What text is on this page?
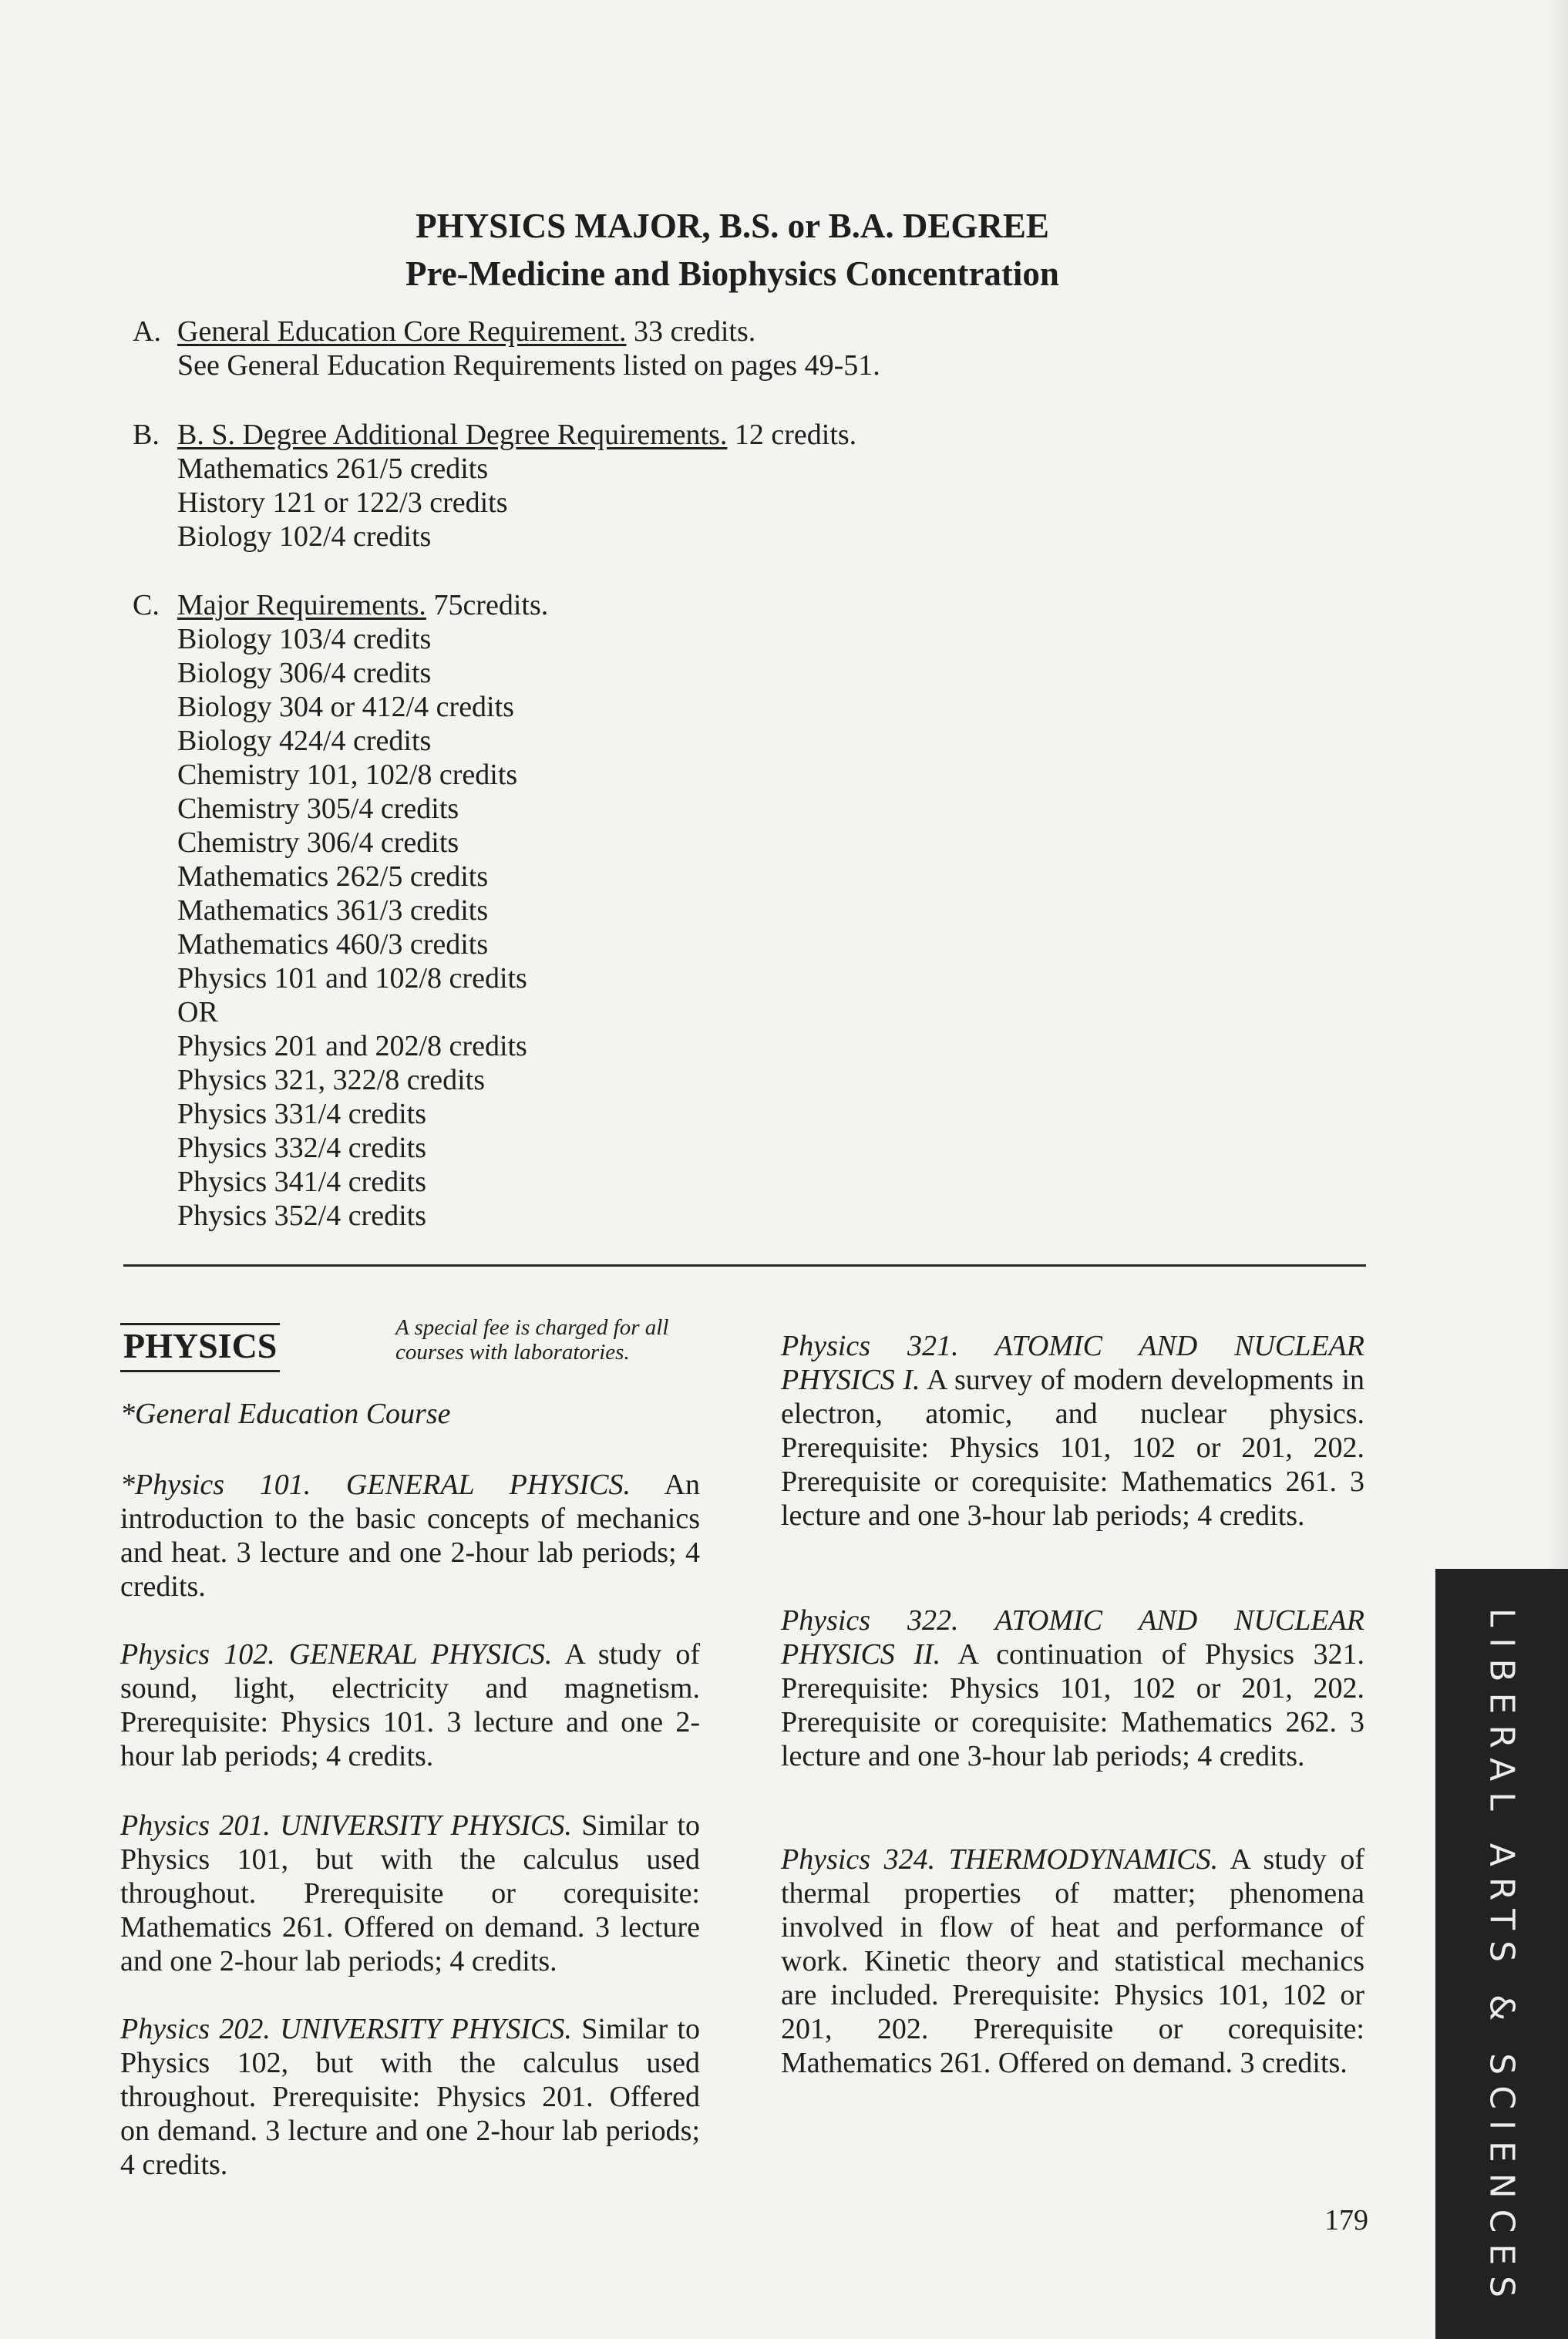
PHYSICS MAJOR, B.S. or B.A. DEGREE
Pre-Medicine and Biophysics Concentration
A. General Education Core Requirement. 33 credits.
See General Education Requirements listed on pages 49-51.
B. B. S. Degree Additional Degree Requirements. 12 credits.
Mathematics 261/5 credits
History 121 or 122/3 credits
Biology 102/4 credits
C. Major Requirements. 75credits.
Biology 103/4 credits
Biology 306/4 credits
Biology 304 or 412/4 credits
Biology 424/4 credits
Chemistry 101, 102/8 credits
Chemistry 305/4 credits
Chemistry 306/4 credits
Mathematics 262/5 credits
Mathematics 361/3 credits
Mathematics 460/3 credits
Physics 101 and 102/8 credits
OR
Physics 201 and 202/8 credits
Physics 321, 322/8 credits
Physics 331/4 credits
Physics 332/4 credits
Physics 341/4 credits
Physics 352/4 credits
PHYSICS	A special fee is charged for all courses with laboratories.
*General Education Course

*Physics 101. GENERAL PHYSICS. An introduction to the basic concepts of mechanics and heat. 3 lecture and one 2-hour lab periods; 4 credits.

Physics 102. GENERAL PHYSICS. A study of sound, light, electricity and magnetism. Prerequisite: Physics 101. 3 lecture and one 2-hour lab periods; 4 credits.

Physics 201. UNIVERSITY PHYSICS. Similar to Physics 101, but with the calculus used throughout. Prerequisite or corequisite: Mathematics 261. Offered on demand. 3 lecture and one 2-hour lab periods; 4 credits.

Physics 202. UNIVERSITY PHYSICS. Similar to Physics 102, but with the calculus used throughout. Prerequisite: Physics 201. Offered on demand. 3 lecture and one 2-hour lab periods; 4 credits.

Physics 321. ATOMIC AND NUCLEAR PHYSICS I. A survey of modern developments in electron, atomic, and nuclear physics. Prerequisite: Physics 101, 102 or 201, 202. Prerequisite or corequisite: Mathematics 261. 3 lecture and one 3-hour lab periods; 4 credits.

Physics 322. ATOMIC AND NUCLEAR PHYSICS II. A continuation of Physics 321. Prerequisite: Physics 101, 102 or 201, 202. Prerequisite or corequisite: Mathematics 262. 3 lecture and one 3-hour lab periods; 4 credits.

Physics 324. THERMODYNAMICS. A study of thermal properties of matter; phenomena involved in flow of heat and performance of work. Kinetic theory and statistical mechanics are included. Prerequisite: Physics 101, 102 or 201, 202. Prerequisite or corequisite: Mathematics 261. Offered on demand. 3 credits.

179	LIBERAL ARTS & SCIENCES
